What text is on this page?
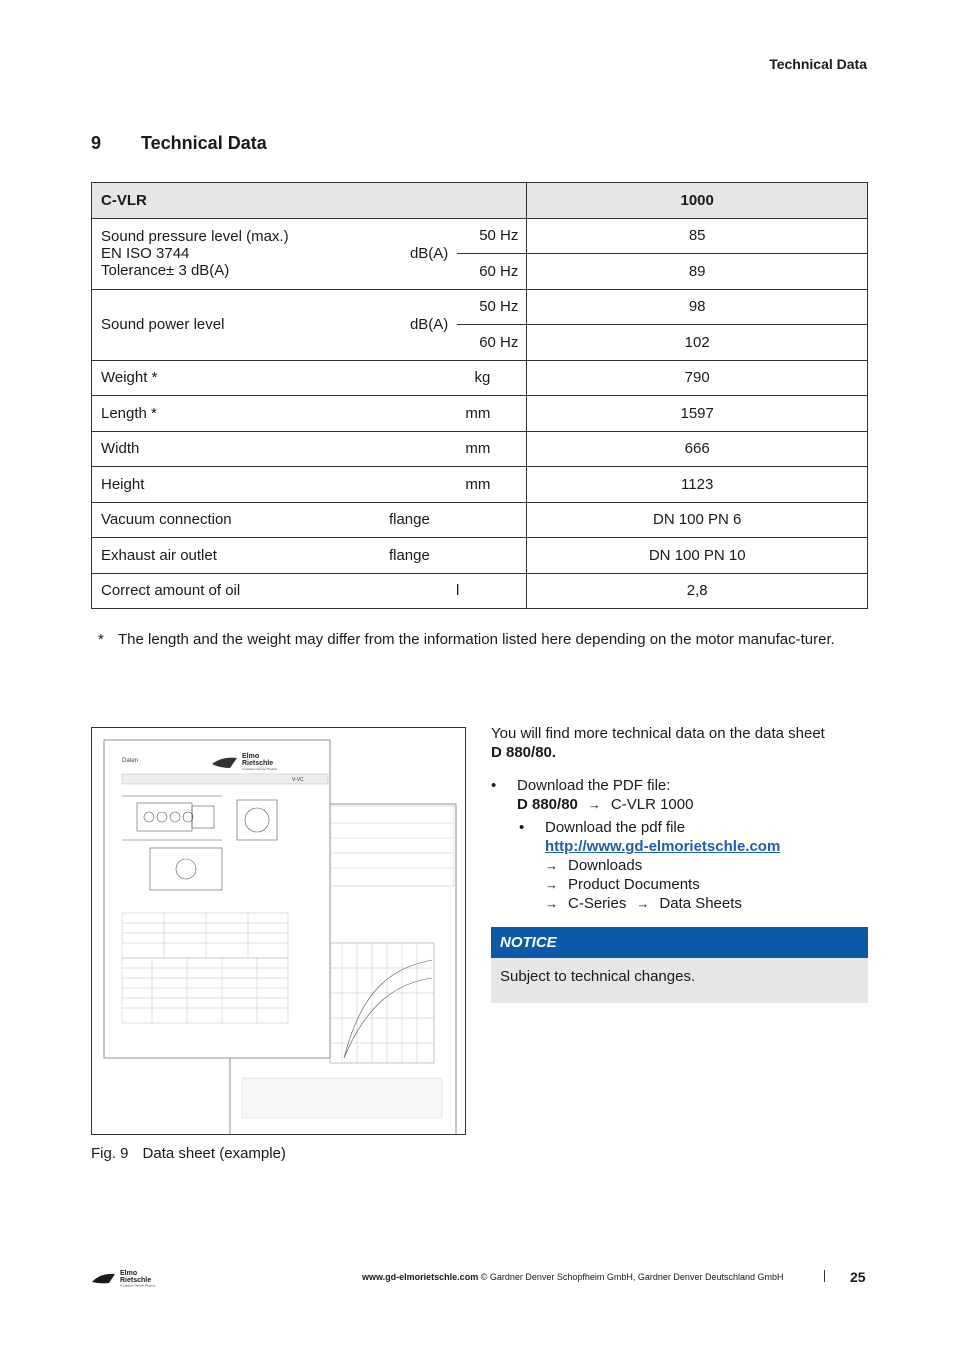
Technical Data
9 Technical Data
C-VLR			1000

Sound pressure level (max.)
EN ISO 3744
Tolerance± 3 dB(A)	dB(A)	50 Hz	85
		60 Hz	89
Sound power level	dB(A)	50 Hz	98
		60 Hz	102
Weight *	kg		790
Length *	mm		1597
Width	mm		666
Height	mm		1123
Vacuum connection	flange		DN 100 PN 6
Exhaust air outlet	flange		DN 100 PN 10
Correct amount of oil	l		2,8
* The length and the weight may differ from the information listed here depending on the motor manufac-turer.
Daten
Elmo
Rietschle
A Gardner Denver Product
V-VC
Fig. 9 Data sheet (example)

You will find more technical data on the data sheet
D 880/80.

• Download the PDF file:
D 880/80 → C-VLR 1000
• Download the pdf file
http://www.gd-elmorietschle.com
→ Downloads
→ Product Documents
→ C-Series → Data Sheets
NOTICE
Subject to technical changes.
Elmo
Rietschle
A Gardner Denver Product
www.gd-elmorietschle.com © Gardner Denver Schopfheim GmbH, Gardner Denver Deutschland GmbH	25
